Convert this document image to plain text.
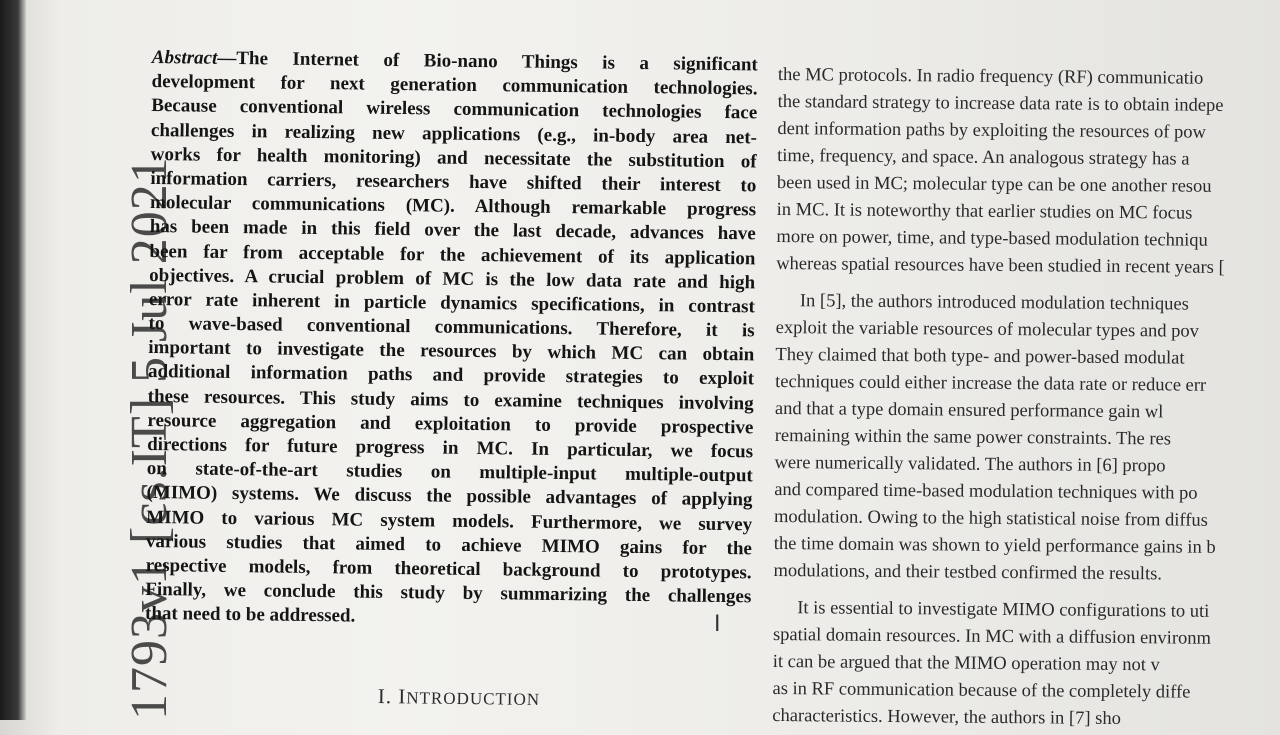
1793v1 [cs.IT] 5 Jul 2021
Abstract—The Internet of Bio-nano Things is a significant
development for next generation communication technologies.
Because conventional wireless communication technologies face
challenges in realizing new applications (e.g., in-body area net-
works for health monitoring) and necessitate the substitution of
information carriers, researchers have shifted their interest to
molecular communications (MC). Although remarkable progress
has been made in this field over the last decade, advances have
been far from acceptable for the achievement of its application
objectives. A crucial problem of MC is the low data rate and high
error rate inherent in particle dynamics specifications, in contrast
to wave-based conventional communications. Therefore, it is
important to investigate the resources by which MC can obtain
additional information paths and provide strategies to exploit
these resources. This study aims to examine techniques involving
resource aggregation and exploitation to provide prospective
directions for future progress in MC. In particular, we focus
on state-of-the-art studies on multiple-input multiple-output
(MIMO) systems. We discuss the possible advantages of applying
MIMO to various MC system models. Furthermore, we survey
various studies that aimed to achieve MIMO gains for the
respective models, from theoretical background to prototypes.
Finally, we conclude this study by summarizing the challenges
that need to be addressed.
the MC protocols. In radio frequency (RF) communicatio
the standard strategy to increase data rate is to obtain indepe
dent information paths by exploiting the resources of pow
time, frequency, and space. An analogous strategy has a
been used in MC; molecular type can be one another resou
in MC. It is noteworthy that earlier studies on MC focus
more on power, time, and type-based modulation techniqu
whereas spatial resources have been studied in recent years [
In [5], the authors introduced modulation techniques
exploit the variable resources of molecular types and pov
They claimed that both type- and power-based modulat
techniques could either increase the data rate or reduce err
and that a type domain ensured performance gain wl
remaining within the same power constraints. The res
were numerically validated. The authors in [6] propo
and compared time-based modulation techniques with po
modulation. Owing to the high statistical noise from diffus
the time domain was shown to yield performance gains in b
modulations, and their testbed confirmed the results.
It is essential to investigate MIMO configurations to uti
spatial domain resources. In MC with a diffusion environm
it can be argued that the MIMO operation may not v
as in RF communication because of the completely diffe
characteristics. However, the authors in [7] sho
I. INTRODUCTION
I
